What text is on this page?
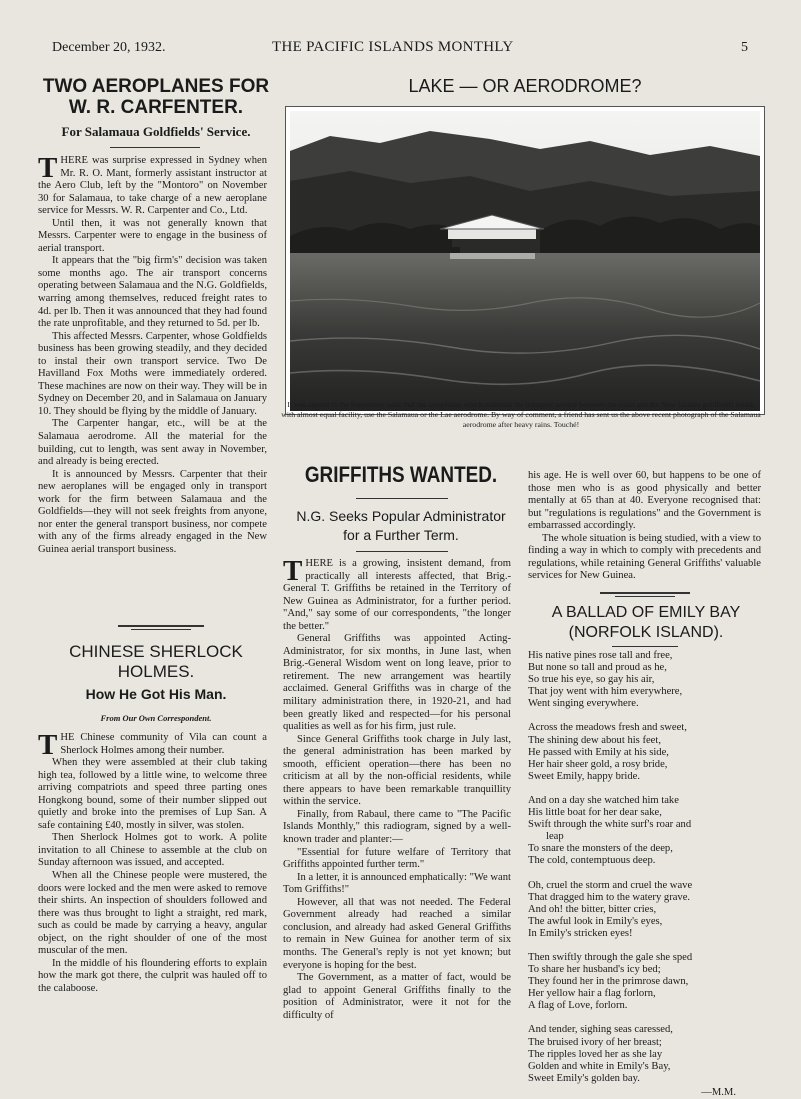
December 20, 1932.	THE PACIFIC ISLANDS MONTHLY	5
TWO AEROPLANES FOR W. R. CARFENTER.
For Salamaua Goldfields' Service.

THERE was surprise expressed in Sydney when Mr. R. O. Mant, formerly assistant instructor at the Aero Club, left by the "Montoro" on November 30 for Salamaua, to take charge of a new aeroplane service for Messrs. W. R. Carpenter and Co., Ltd.

Until then, it was not generally known that Messrs. Carpenter were to engage in the business of aerial transport.

It appears that the "big firm's" decision was taken some months ago. The air transport concerns operating between Salamaua and the N.G. Goldfields, warring among themselves, reduced freight rates to 4d. per lb. Then it was announced that they had found the rate unprofitable, and they returned to 5d. per lb.

This affected Messrs. Carpenter, whose Goldfields business has been growing steadily, and they decided to instal their own transport service. Two De Havilland Fox Moths were immediately ordered. These machines are now on their way. They will be in Sydney on December 20, and in Salamaua on January 10. They should be flying by the middle of January.

The Carpenter hangar, etc., will be at the Salamaua aerodrome. All the material for the building, cut to length, was sent away in November, and already is being erected.

It is announced by Messrs. Carpenter that their new aeroplanes will be engaged only in transport work for the firm between Salamaua and the Goldfields—they will not seek freights from anyone, nor enter the general transport business, nor compete with any of the firms already engaged in the New Guinea aerial transport business.

CHINESE SHERLOCK HOLMES.
How He Got His Man.
From Our Own Correspondent.

THE Chinese community of Vila can count a Sherlock Holmes among their number.

When they were assembled at their club taking high tea, followed by a little wine, to welcome three arriving compatriots and speed three parting ones Hongkong bound, some of their number slipped out quietly and broke into the premises of Lup San. A safe containing £40, mostly in silver, was stolen.

Then Sherlock Holmes got to work. A polite invitation to all Chinese to assemble at the club on Sunday afternoon was issued, and accepted.

When all the Chinese people were mustered, the doors were locked and the men were asked to remove their shirts. An inspection of shoulders followed and there was thus brought to light a straight, red mark, such as could be made by carrying a heavy, angular object, on the right shoulder of one of the most muscular of the men.

In the middle of his floundering efforts to explain how the mark got there, the culprit was hauled off to the calaboose.

LAKE — OR AERODROME?
It was argued in the September issue that the aeroplanes which maintain the transport service between the coast and the New Guinea goldfields could, with almost equal facility, use the Salamaua or the Lae aerodrome. By way of comment, a friend has sent us the above recent photograph of the Salamaua aerodrome after heavy rains. Touché!
GRIFFITHS WANTED.
N.G. Seeks Popular Administrator for a Further Term.

THERE is a growing, insistent demand, from practically all interests affected, that Brig.-General T. Griffiths be retained in the Territory of New Guinea as Administrator, for a further period. "And," say some of our correspondents, "the longer the better."

General Griffiths was appointed Acting-Administrator, for six months, in June last, when Brig.-General Wisdom went on long leave, prior to retirement. The new arrangement was heartily acclaimed. General Griffiths was in charge of the military administration there, in 1920-21, and had been greatly liked and respected—for his personal qualities as well as for his firm, just rule.

Since General Griffiths took charge in July last, the general administration has been marked by smooth, efficient operation—there has been no criticism at all by the non-official residents, while there appears to have been remarkable tranquillity within the service.

Finally, from Rabaul, there came to "The Pacific Islands Monthly," this radiogram, signed by a well-known trader and planter:—

"Essential for future welfare of Territory that Griffiths appointed further term."

In a letter, it is announced emphatically: "We want Tom Griffiths!"

However, all that was not needed. The Federal Government already had reached a similar conclusion, and already had asked General Griffiths to remain in New Guinea for another term of six months. The General's reply is not yet known; but everyone is hoping for the best.

The Government, as a matter of fact, would be glad to appoint General Griffiths finally to the position of Administrator, were it not for the difficulty of

his age. He is well over 60, but happens to be one of those men who is as good physically and better mentally at 65 than at 40. Everyone recognised that: but "regulations is regulations" and the Government is embarrassed accordingly.

The whole situation is being studied, with a view to finding a way in which to comply with precedents and regulations, while retaining General Griffiths' valuable services for New Guinea.

A BALLAD OF EMILY BAY (NORFOLK ISLAND).
His native pines rose tall and free,
But none so tall and proud as he,
So true his eye, so gay his air,
That joy went with him everywhere,
Went singing everywhere.
Across the meadows fresh and sweet,
The shining dew about his feet,
He passed with Emily at his side,
Her hair sheer gold, a rosy bride,
Sweet Emily, happy bride.
And on a day she watched him take
His little boat for her dear sake,
Swift through the white surf's roar and
leap
To snare the monsters of the deep,
The cold, contemptuous deep.
Oh, cruel the storm and cruel the wave
That dragged him to the watery grave.
And oh! the bitter, bitter cries,
The awful look in Emily's eyes,
In Emily's stricken eyes!
Then swiftly through the gale she sped
To share her husband's icy bed;
They found her in the primrose dawn,
Her yellow hair a flag forlorn,
A flag of Love, forlorn.
And tender, sighing seas caressed,
The bruised ivory of her breast;
The ripples loved her as she lay
Golden and white in Emily's Bay,
Sweet Emily's golden bay.
—M.M.
